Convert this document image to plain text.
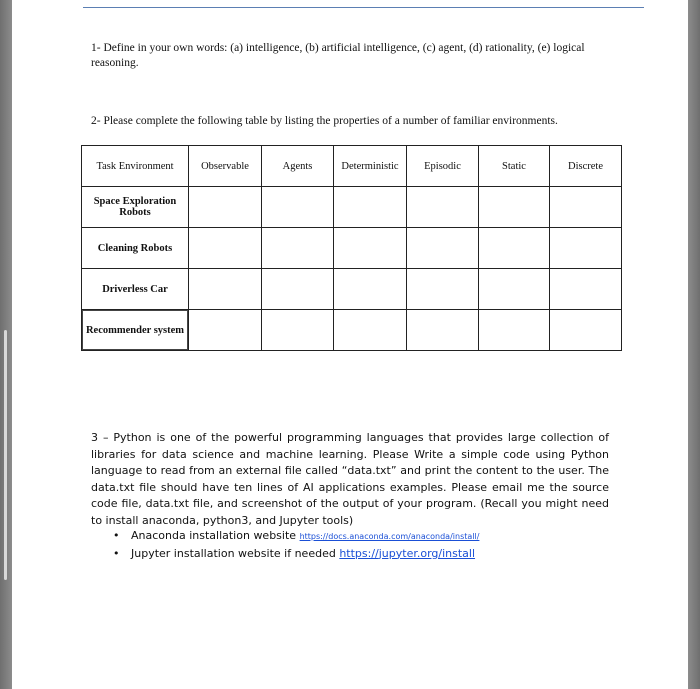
1- Define in your own words: (a) intelligence, (b) artificial intelligence, (c) agent, (d) rationality, (e) logical reasoning.
2- Please complete the following table by listing the properties of a number of familiar environments.
Task Environment	Observable	Agents	Deterministic	Episodic	Static	Discrete
Space Exploration Robots						
Cleaning Robots						
Driverless Car						
Recommender system						
3 – Python is one of the powerful programming languages that provides large collection of libraries for data science and machine learning. Please Write a simple code using Python language to read from an external file called “data.txt” and print the content to the user. The data.txt file should have ten lines of AI applications examples. Please email me the source code file, data.txt file, and screenshot of the output of your program. (Recall you might need to install anaconda, python3, and Jupyter tools)
• Anaconda installation website https://docs.anaconda.com/anaconda/install/
• Jupyter installation website if needed https://jupyter.org/install
